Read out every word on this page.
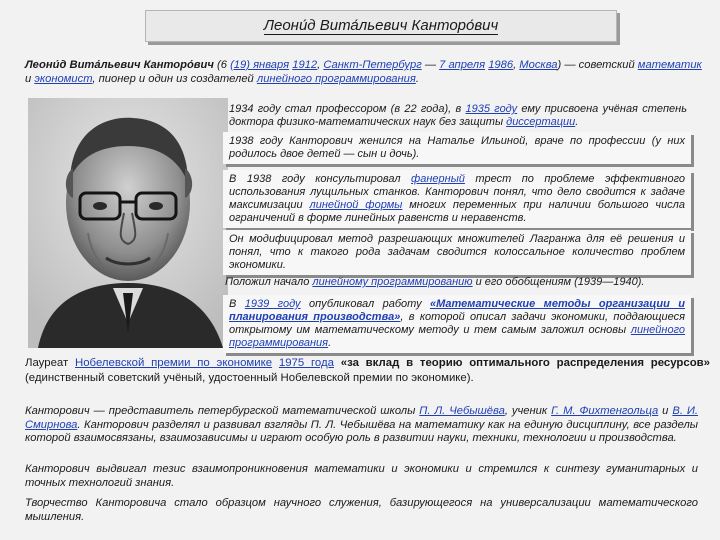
Леони́д Вита́льевич Канторо́вич
Леони́д Вита́льевич Канторо́вич (6 (19) января 1912, Санкт-Петербург — 7 апреля 1986, Москва) — советский математик и экономист, пионер и один из создателей линейного программирования.
1934 году стал профессором (в 22 года), в 1935 году ему присвоена учёная степень доктора физико-математических наук без защиты диссертации.
1938 году Канторович женился на Наталье Ильиной, враче по профессии (у них родилось двое детей — сын и дочь).
В 1938 году консультировал фанерный трест по проблеме эффективного использования лущильных станков. Канторович понял, что дело сводится к задаче максимизации линейной формы многих переменных при наличии большого числа ограничений в форме линейных равенств и неравенств.
Он модифицировал метод разрешающих множителей Лагранжа для её решения и понял, что к такого рода задачам сводится колоссальное количество проблем экономики.
Положил начало линейному программированию и его обобщениям (1939—1940).
В 1939 году опубликовал работу «Математические методы организации и планирования производства», в которой описал задачи экономики, поддающиеся открытому им математическому методу и тем самым заложил основы линейного программирования.
Лауреат Нобелевской премии по экономике 1975 года «за вклад в теорию оптимального распределения ресурсов» (единственный советский учёный, удостоенный Нобелевской премии по экономике).
Канторович — представитель петербургской математической школы П. Л. Чебышёва, ученик Г. М. Фихтенгольца и В. И. Смирнова. Канторович разделял и развивал взгляды П. Л. Чебышёва на математику как на единую дисциплину, все разделы которой взаимосвязаны, взаимозависимы и играют особую роль в развитии науки, техники, технологии и производства.
Канторович выдвигал тезис взаимопроникновения математики и экономики и стремился к синтезу гуманитарных и точных технологий знания.
Творчество Канторовича стало образцом научного служения, базирующегося на универсализации математического мышления.
